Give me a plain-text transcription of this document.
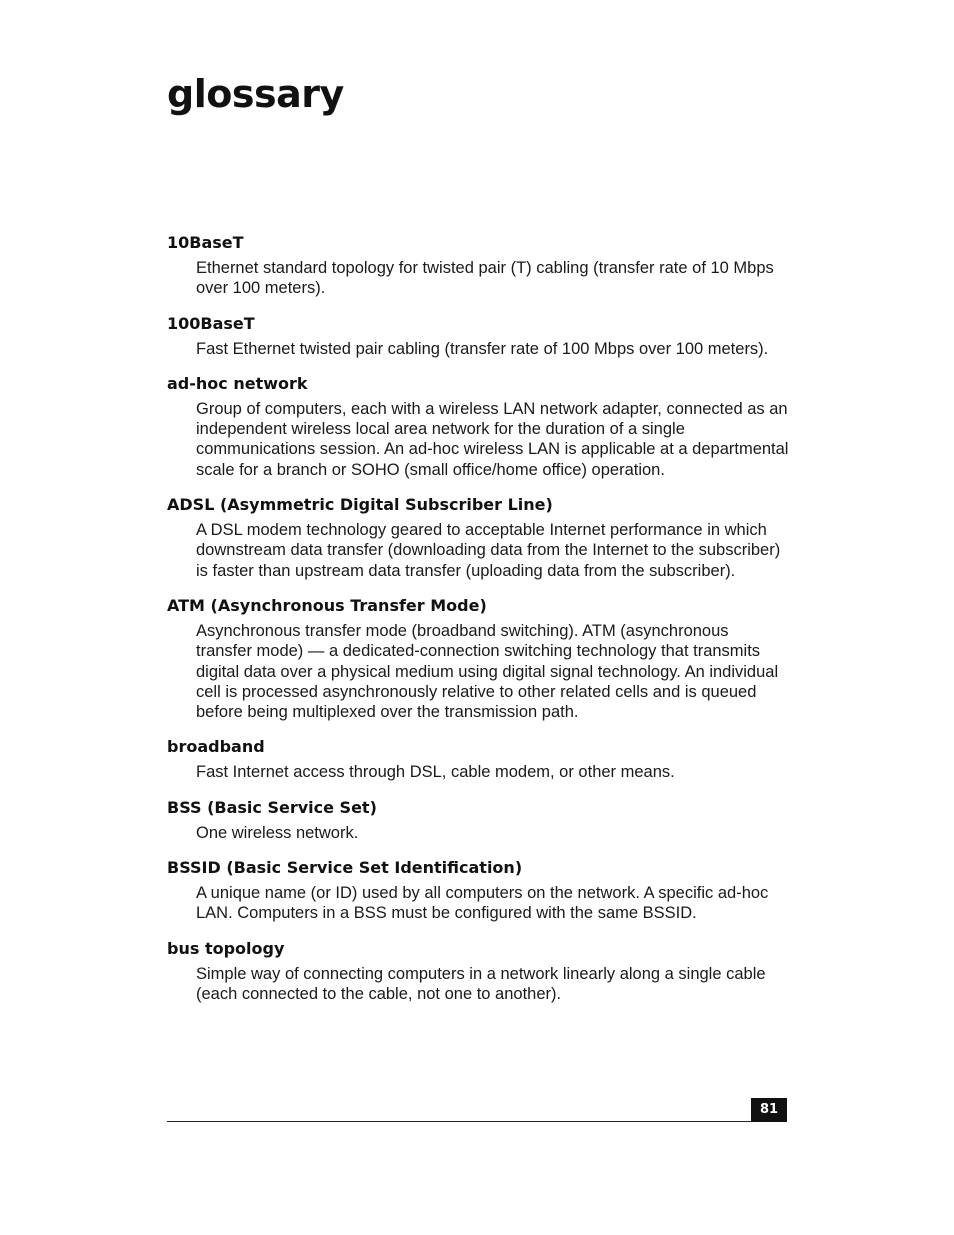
glossary
10BaseT
Ethernet standard topology for twisted pair (T) cabling (transfer rate of 10 Mbps over 100 meters).
100BaseT
Fast Ethernet twisted pair cabling (transfer rate of 100 Mbps over 100 meters).
ad-hoc network
Group of computers, each with a wireless LAN network adapter, connected as an independent wireless local area network for the duration of a single communications session. An ad-hoc wireless LAN is applicable at a departmental scale for a branch or SOHO (small office/home office) operation.
ADSL (Asymmetric Digital Subscriber Line)
A DSL modem technology geared to acceptable Internet performance in which downstream data transfer (downloading data from the Internet to the subscriber) is faster than upstream data transfer (uploading data from the subscriber).
ATM (Asynchronous Transfer Mode)
Asynchronous transfer mode (broadband switching). ATM (asynchronous transfer mode) — a dedicated-connection switching technology that transmits digital data over a physical medium using digital signal technology. An individual cell is processed asynchronously relative to other related cells and is queued before being multiplexed over the transmission path.
broadband
Fast Internet access through DSL, cable modem, or other means.
BSS (Basic Service Set)
One wireless network.
BSSID (Basic Service Set Identification)
A unique name (or ID) used by all computers on the network. A specific ad-hoc LAN. Computers in a BSS must be configured with the same BSSID.
bus topology
Simple way of connecting computers in a network linearly along a single cable (each connected to the cable, not one to another).
81
